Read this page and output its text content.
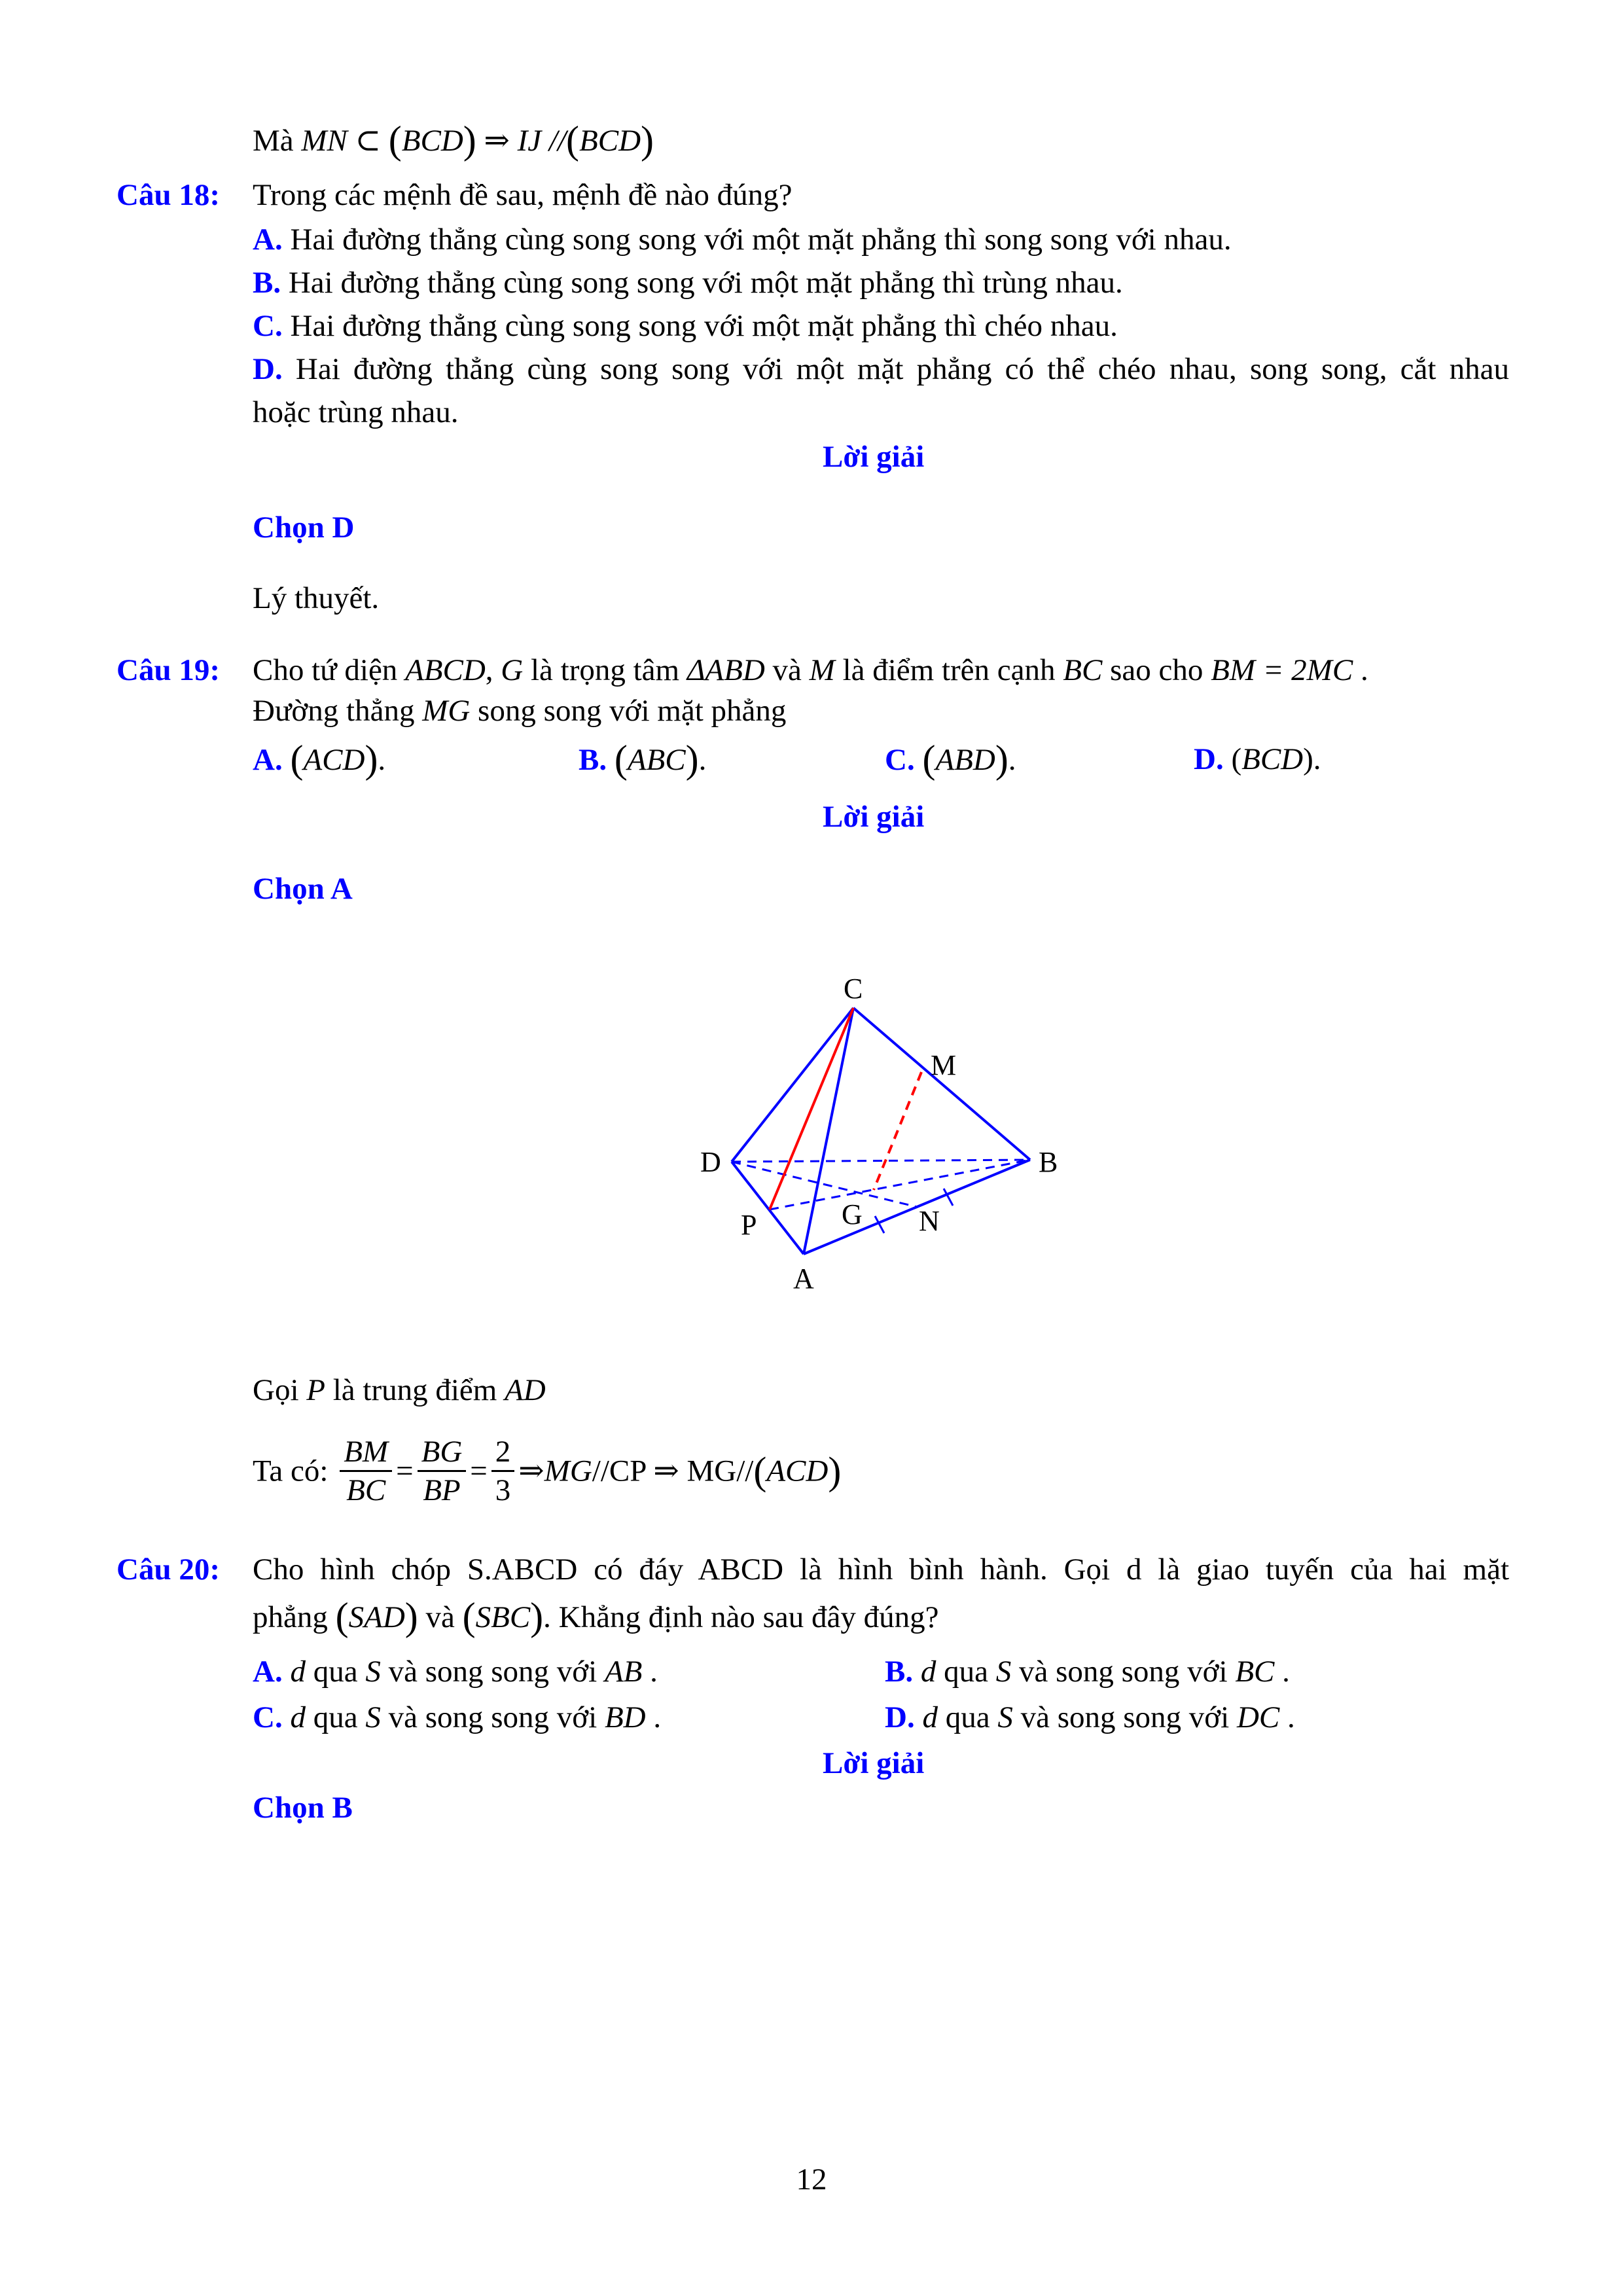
Mà MN ⊂ (BCD) ⇒ IJ //(BCD)
Câu 18: Trong các mệnh đề sau, mệnh đề nào đúng?
A. Hai đường thẳng cùng song song với một mặt phẳng thì song song với nhau.
B. Hai đường thẳng cùng song song với một mặt phẳng thì trùng nhau.
C. Hai đường thẳng cùng song song với một mặt phẳng thì chéo nhau.
D. Hai đường thẳng cùng song song với một mặt phẳng có thể chéo nhau, song song, cắt nhau
hoặc trùng nhau.
Lời giải
Chọn D
Lý thuyết.
Câu 19: Cho tứ diện ABCD, G là trọng tâm ΔABD và M là điểm trên cạnh BC sao cho BM = 2MC .
Đường thẳng MG song song với mặt phẳng
A. (ACD).	B. (ABC).	C. (ABD).	D. (BCD).
Lời giải
Chọn A
C
M
D	B
P	G N
A
Gọi P là trung điểm AD
Ta có: $\frac{BM}{BC} = \frac{BG}{BP} = \frac{2}{3}$ ⇒MG//CP ⇒ MG//(ACD)
Câu 20: Cho hình chóp S.ABCD có đáy ABCD là hình bình hành. Gọi d là giao tuyến của hai mặt
phẳng (SAD) và (SBC). Khẳng định nào sau đây đúng?
A. d qua S và song song với AB .	B. d qua S và song song với BC .
C. d qua S và song song với BD .	D. d qua S và song song với DC .
Lời giải
Chọn B
12
